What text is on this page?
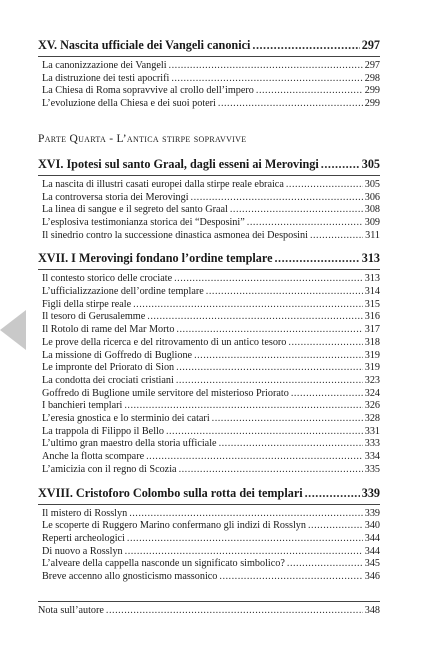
XV. Nascita ufficiale dei Vangeli canonici .....	297
La canonizzazione dei Vangeli .....	297
La distruzione dei testi apocrifi .....	298
La Chiesa di Roma sopravvive al crollo dell’impero .....	299
L’evoluzione della Chiesa e dei suoi poteri .....	299
Parte Quarta - L’antica stirpe sopravvive
XVI. Ipotesi sul santo Graal, dagli esseni ai Merovingi .....	305
La nascita di illustri casati europei dalla stirpe reale ebraica .....	305
La controversa storia dei Merovingi .....	306
La linea di sangue e il segreto del santo Graal .....	308
L’esplosiva testimonianza storica dei “Desposini” .....	309
Il sinedrio contro la successione dinastica asmonea dei Desposini .....	311
XVII. I Merovingi fondano l’ordine templare .....	313
Il contesto storico delle crociate .....	313
L’ufficializzazione dell’ordine templare .....	314
Figli della stirpe reale .....	315
Il tesoro di Gerusalemme .....	316
Il Rotolo di rame del Mar Morto .....	317
Le prove della ricerca e del ritrovamento di un antico tesoro .....	318
La missione di Goffredo di Buglione .....	319
Le impronte del Priorato di Sion .....	319
La condotta dei crociati cristiani .....	323
Goffredo di Buglione umile servitore del misterioso Priorato .....	324
I banchieri templari .....	326
L’eresia gnostica e lo sterminio dei catari .....	328
La trappola di Filippo il Bello .....	331
L’ultimo gran maestro della storia ufficiale .....	333
Anche la flotta scompare .....	334
L’amicizia con il regno di Scozia .....	335
XVIII. Cristoforo Colombo sulla rotta dei templari .....	339
Il mistero di Rosslyn .....	339
Le scoperte di Ruggero Marino confermano gli indizi di Rosslyn .....	340
Reperti archeologici .....	344
Di nuovo a Rosslyn .....	344
L’alveare della cappella nasconde un significato simbolico? .....	345
Breve accenno allo gnosticismo massonico .....	346
Nota sull’autore .....	348
